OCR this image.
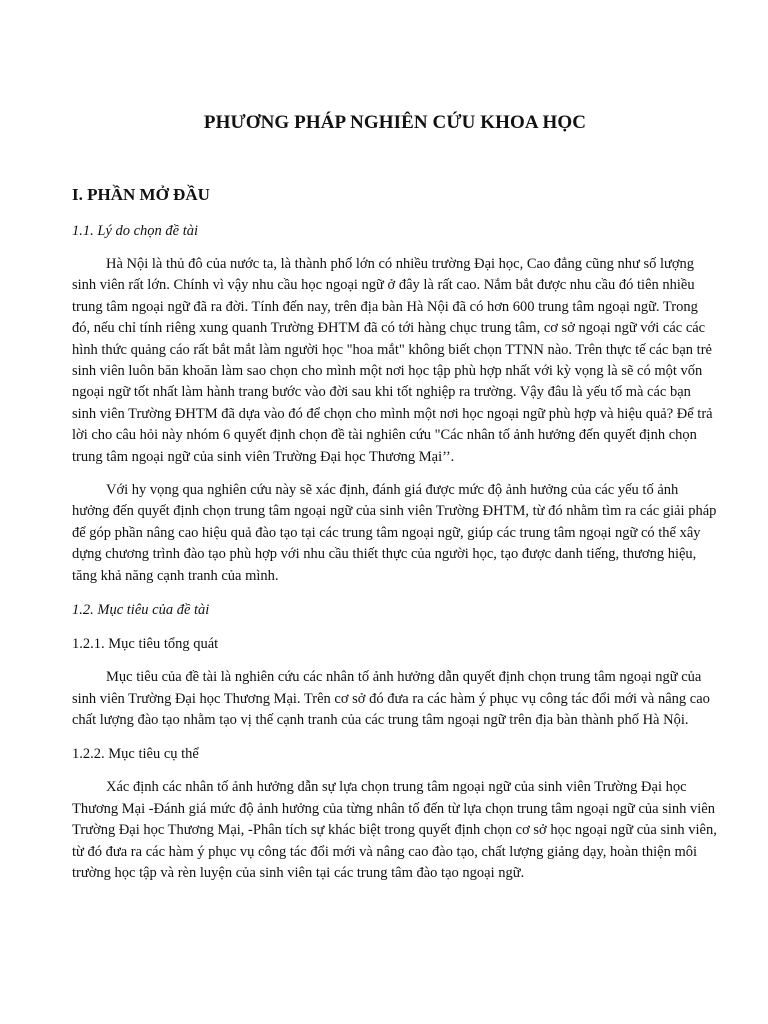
PHƯƠNG PHÁP NGHIÊN CỨU KHOA HỌC
I. PHẦN MỞ ĐẦU

1.1. Lý do chọn đề tài

Hà Nội là thủ đô của nước ta, là thành phố lớn có nhiều trường Đại học, Cao đẳng cũng như số lượng sinh viên rất lớn. Chính vì vậy nhu cầu học ngoại ngữ ở đây là rất cao. Nắm bắt được nhu cầu đó tiên nhiều trung tâm ngoại ngữ đã ra đời. Tính đến nay, trên địa bàn Hà Nội đã có hơn 600 trung tâm ngoại ngữ. Trong đó, nếu chỉ tính riêng xung quanh Trường ĐHTM đã có tới hàng chục trung tâm, cơ sở ngoại ngữ với các các hình thức quảng cáo rất bắt mắt làm người học "hoa mắt" không biết chọn TTNN nào. Trên thực tế các bạn trẻ sinh viên luôn băn khoăn làm sao chọn cho mình một nơi học tập phù hợp nhất với kỳ vọng là sẽ có một vốn ngoại ngữ tốt nhất làm hành trang bước vào đời sau khi tốt nghiệp ra trường. Vậy đâu là yếu tố mà các bạn sinh viên Trường ĐHTM đã dựa vào đó để chọn cho mình một nơi học ngoại ngữ phù hợp và hiệu quả? Để trả lời cho câu hỏi này nhóm 6 quyết định chọn đề tài nghiên cứu "Các nhân tố ảnh hưởng đến quyết định chọn trung tâm ngoại ngữ của sinh viên Trường Đại học Thương Mại’’.

Với hy vọng qua nghiên cứu này sẽ xác định, đánh giá được mức độ ảnh hưởng của các yếu tố ảnh hưởng đến quyết định chọn trung tâm ngoại ngữ của sinh viên Trường ĐHTM, từ đó nhằm tìm ra các giải pháp để góp phần nâng cao hiệu quả đào tạo tại các trung tâm ngoại ngữ, giúp các trung tâm ngoại ngữ có thể xây dựng chương trình đào tạo phù hợp với nhu cầu thiết thực của người học, tạo được danh tiếng, thương hiệu, tăng khả năng cạnh tranh của mình.

1.2. Mục tiêu của đề tài

1.2.1. Mục tiêu tổng quát

Mục tiêu của đề tài là nghiên cứu các nhân tố ảnh hưởng dẫn quyết định chọn trung tâm ngoại ngữ của sinh viên Trường Đại học Thương Mại. Trên cơ sở đó đưa ra các hàm ý phục vụ công tác đổi mới và nâng cao chất lượng đào tạo nhằm tạo vị thế cạnh tranh của các trung tâm ngoại ngữ trên địa bàn thành phố Hà Nội.

1.2.2. Mục tiêu cụ thể

Xác định các nhân tố ảnh hưởng dẫn sự lựa chọn trung tâm ngoại ngữ của sinh viên Trường Đại học Thương Mại -Đánh giá mức độ ảnh hưởng của từng nhân tố đến từ lựa chọn trung tâm ngoại ngữ của sinh viên Trường Đại học Thương Mại, -Phân tích sự khác biệt trong quyết định chọn cơ sở học ngoại ngữ của sinh viên, từ đó đưa ra các hàm ý phục vụ công tác đổi mới và nâng cao đào tạo, chất lượng giảng dạy, hoàn thiện môi trường học tập và rèn luyện của sinh viên tại các trung tâm đào tạo ngoại ngữ.
